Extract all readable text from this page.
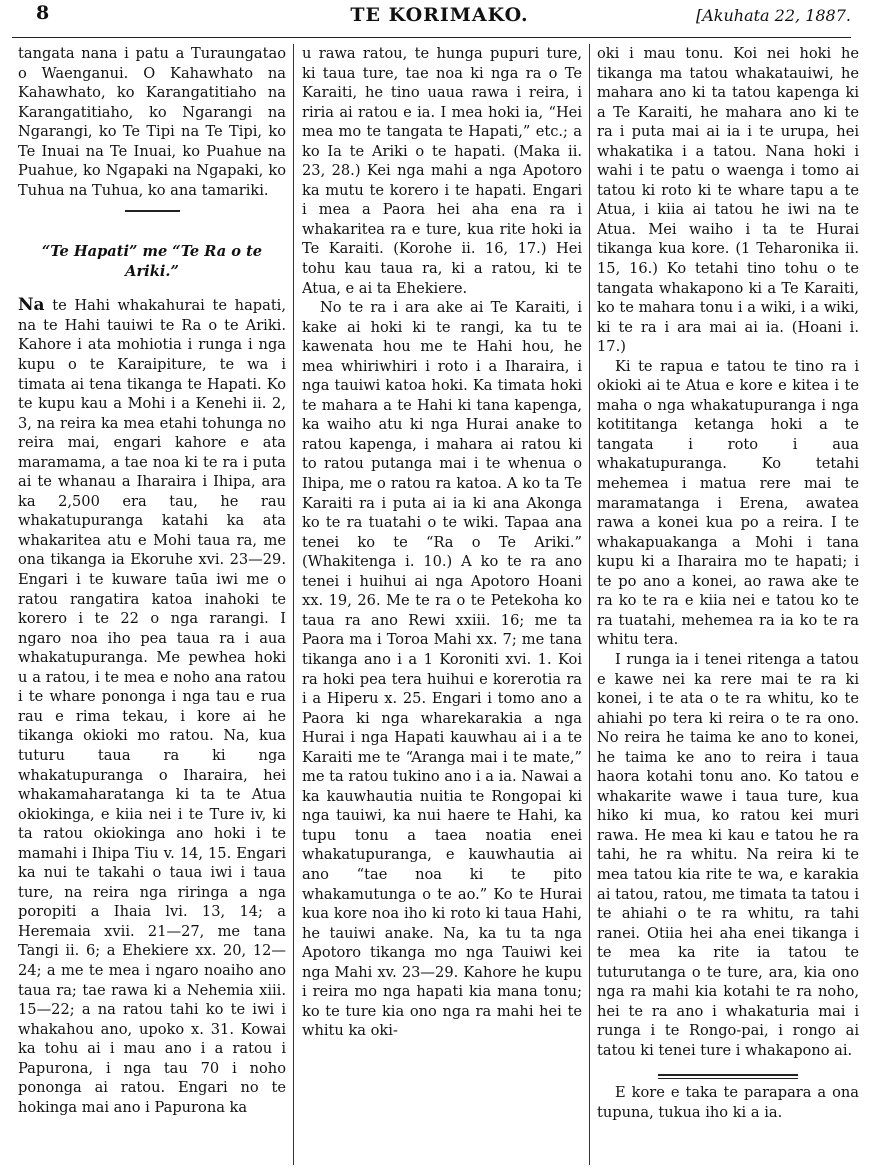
8	TE KORIMAKO.	[Akuhata 22, 1887.

tangata nana i patu a Turaungatao o Waenganui. O Kahawhato na Kahawhato, ko Karangatitiaho na Karangatitiaho, ko Ngarangi na Ngarangi, ko Te Tipi na Te Tipi, ko Te Inuai na Te Inuai, ko Puahue na Puahue, ko Ngapaki na Ngapaki, ko Tuhua na Tuhua, ko ana tamariki.

“Te Hapati” me “Te Ra o te Ariki.”

Na te Hahi whakahurai te hapati, na te Hahi tauiwi te Ra o te Ariki. Kahore i ata mohiotia i runga i nga kupu o te Karaipiture, te wa i timata ai tena tikanga te Hapati. Ko te kupu kau a Mohi i a Kenehi ii. 2, 3, na reira ka mea etahi tohunga no reira mai, engari kahore e ata maramama, a tae noa ki te ra i puta ai te whanau a Iharaira i Ihipa, ara ka 2,500 era tau, he rau whakatupuranga katahi ka ata whakaritea atu e Mohi taua ra, me ona tikanga ia Ekoruhe xvi. 23—29. Engari i te kuware taūa iwi me o ratou rangatira katoa inahoki te korero i te 22 o nga rarangi. I ngaro noa iho pea taua ra i aua whakatupuranga. Me pewhea hoki u a ratou, i te mea e noho ana ratou i te whare pononga i nga tau e rua rau e rima tekau, i kore ai he tikanga okioki mo ratou. Na, kua tuturu taua ra ki nga whakatupuranga o Iharaira, hei whakamaharatanga ki ta te Atua okiokinga, e kiia nei i te Ture iv, ki ta ratou okiokinga ano hoki i te mamahi i Ihipa Tiu v. 14, 15. Engari ka nui te takahi o taua iwi i taua ture, na reira nga riringa a nga poropiti a Ihaia lvi. 13, 14; a Heremaia xvii. 21—27, me tana Tangi ii. 6; a Ehekiere xx. 20, 12—24; a me te mea i ngaro noaiho ano taua ra; tae rawa ki a Nehemia xiii. 15—22; a na ratou tahi ko te iwi i whakahou ano, upoko x. 31. Kowai ka tohu ai i mau ano i a ratou i Papurona, i nga tau 70 i noho pononga ai ratou. Engari no te hokinga mai ano i Papurona ka

u rawa ratou, te hunga pupuri ture, ki taua ture, tae noa ki nga ra o Te Karaiti, he tino uaua rawa i reira, i riria ai ratou e ia. I mea hoki ia, “Hei mea mo te tangata te Hapati,” etc.; a ko Ia te Ariki o te hapati. (Maka ii. 23, 28.) Kei nga mahi a nga Apotoro ka mutu te korero i te hapati. Engari i mea a Paora hei aha ena ra i whakaritea ra e ture, kua rite hoki ia Te Karaiti. (Korohe ii. 16, 17.) Hei tohu kau taua ra, ki a ratou, ki te Atua, e ai ta Ehekiere.

No te ra i ara ake ai Te Karaiti, i kake ai hoki ki te rangi, ka tu te kawenata hou me te Hahi hou, he mea whiriwhiri i roto i a Iharaira, i nga tauiwi katoa hoki. Ka timata hoki te mahara a te Hahi ki tana kapenga, ka waiho atu ki nga Hurai anake to ratou kapenga, i mahara ai ratou ki to ratou putanga mai i te whenua o Ihipa, me o ratou ra katoa. A ko ta Te Karaiti ra i puta ai ia ki ana Akonga ko te ra tuatahi o te wiki. Tapaa ana tenei ko te “Ra o Te Ariki.” (Whakitenga i. 10.) A ko te ra ano tenei i huihui ai nga Apotoro Hoani xx. 19, 26. Me te ra o te Petekoha ko taua ra ano Rewi xxiii. 16; me ta Paora ma i Toroa Mahi xx. 7; me tana tikanga ano i a 1 Koroniti xvi. 1. Koi ra hoki pea tera huihui e korerotia ra i a Hiperu x. 25. Engari i tomo ano a Paora ki nga wharekarakia a nga Hurai i nga Hapati kauwhau ai i a te Karaiti me te “Aranga mai i te mate,” me ta ratou tukino ano i a ia. Nawai a ka kauwhautia nuitia te Rongopai ki nga tauiwi, ka nui haere te Hahi, ka tupu tonu a taea noatia enei whakatupuranga, e kauwhautia ai ano “tae noa ki te pito whakamutunga o te ao.” Ko te Hurai kua kore noa iho ki roto ki taua Hahi, he tauiwi anake. Na, ka tu ta nga Apotoro tikanga mo nga Tauiwi kei nga Mahi xv. 23—29. Kahore he kupu i reira mo nga hapati kia mana tonu; ko te ture kia ono nga ra mahi hei te whitu ka oki-

oki i mau tonu. Koi nei hoki he tikanga ma tatou whakatauiwi, he mahara ano ki ta tatou kapenga ki a Te Karaiti, he mahara ano ki te ra i puta mai ai ia i te urupa, hei whakatika i a tatou. Nana hoki i wahi i te patu o waenga i tomo ai tatou ki roto ki te whare tapu a te Atua, i kiia ai tatou he iwi na te Atua. Mei waiho i ta te Hurai tikanga kua kore. (1 Teharonika ii. 15, 16.) Ko tetahi tino tohu o te tangata whakapono ki a Te Karaiti, ko te mahara tonu i a wiki, i a wiki, ki te ra i ara mai ai ia. (Hoani i. 17.)

Ki te rapua e tatou te tino ra i okioki ai te Atua e kore e kitea i te maha o nga whakatupuranga i nga kotititanga ketanga hoki a te tangata i roto i aua whakatupuranga. Ko tetahi mehemea i matua rere mai te maramatanga i Erena, awatea rawa a konei kua po a reira. I te whakapuakanga a Mohi i tana kupu ki a Iharaira mo te hapati; i te po ano a konei, ao rawa ake te ra ko te ra e kiia nei e tatou ko te ra tuatahi, mehemea ra ia ko te ra whitu tera.

I runga ia i tenei ritenga a tatou e kawe nei ka rere mai te ra ki konei, i te ata o te ra whitu, ko te ahiahi po tera ki reira o te ra ono. No reira he taima ke ano to konei, he taima ke ano to reira i taua haora kotahi tonu ano. Ko tatou e whakarite wawe i taua ture, kua hiko ki mua, ko ratou kei muri rawa. He mea ki kau e tatou he ra tahi, he ra whitu. Na reira ki te mea tatou kia rite te wa, e karakia ai tatou, ratou, me timata ta tatou i te ahiahi o te ra whitu, ra tahi ranei. Otiia hei aha enei tikanga i te mea ka rite ia tatou te tuturutanga o te ture, ara, kia ono nga ra mahi kia kotahi te ra noho, hei te ra ano i whakaturia mai i runga i te Rongo-pai, i rongo ai tatou ki tenei ture i whakapono ai.

E kore e taka te parapara a ona tupuna, tukua iho ki a ia.
